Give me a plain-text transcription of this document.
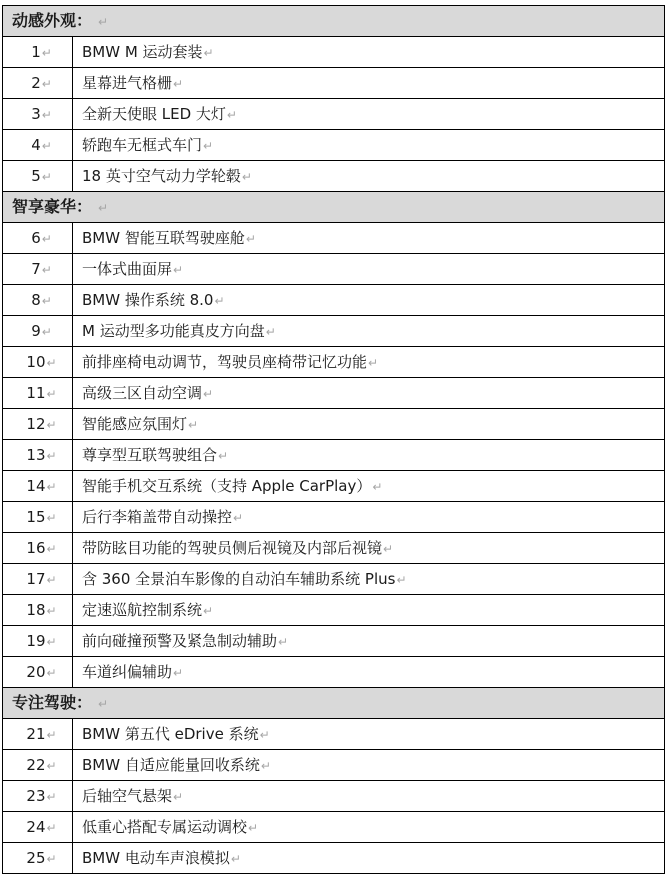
动感外观： ↵	
1↵	BMW M 运动套装↵
2↵	星幕进气格栅↵
3↵	全新天使眼 LED 大灯↵
4↵	轿跑车无框式车门↵
5↵	18 英寸空气动力学轮毂↵
智享豪华： ↵	
6↵	BMW 智能互联驾驶座舱↵
7↵	一体式曲面屏↵
8↵	BMW 操作系统 8.0↵
9↵	M 运动型多功能真皮方向盘↵
10↵	前排座椅电动调节，驾驶员座椅带记忆功能↵
11↵	高级三区自动空调↵
12↵	智能感应氛围灯↵
13↵	尊享型互联驾驶组合↵
14↵	智能手机交互系统（支持 Apple CarPlay）↵
15↵	后行李箱盖带自动操控↵
16↵	带防眩目功能的驾驶员侧后视镜及内部后视镜↵
17↵	含 360 全景泊车影像的自动泊车辅助系统 Plus↵
18↵	定速巡航控制系统↵
19↵	前向碰撞预警及紧急制动辅助↵
20↵	车道纠偏辅助↵
专注驾驶： ↵	
21↵	BMW 第五代 eDrive 系统↵
22↵	BMW 自适应能量回收系统↵
23↵	后轴空气悬架↵
24↵	低重心搭配专属运动调校↵
25↵	BMW 电动车声浪模拟↵
